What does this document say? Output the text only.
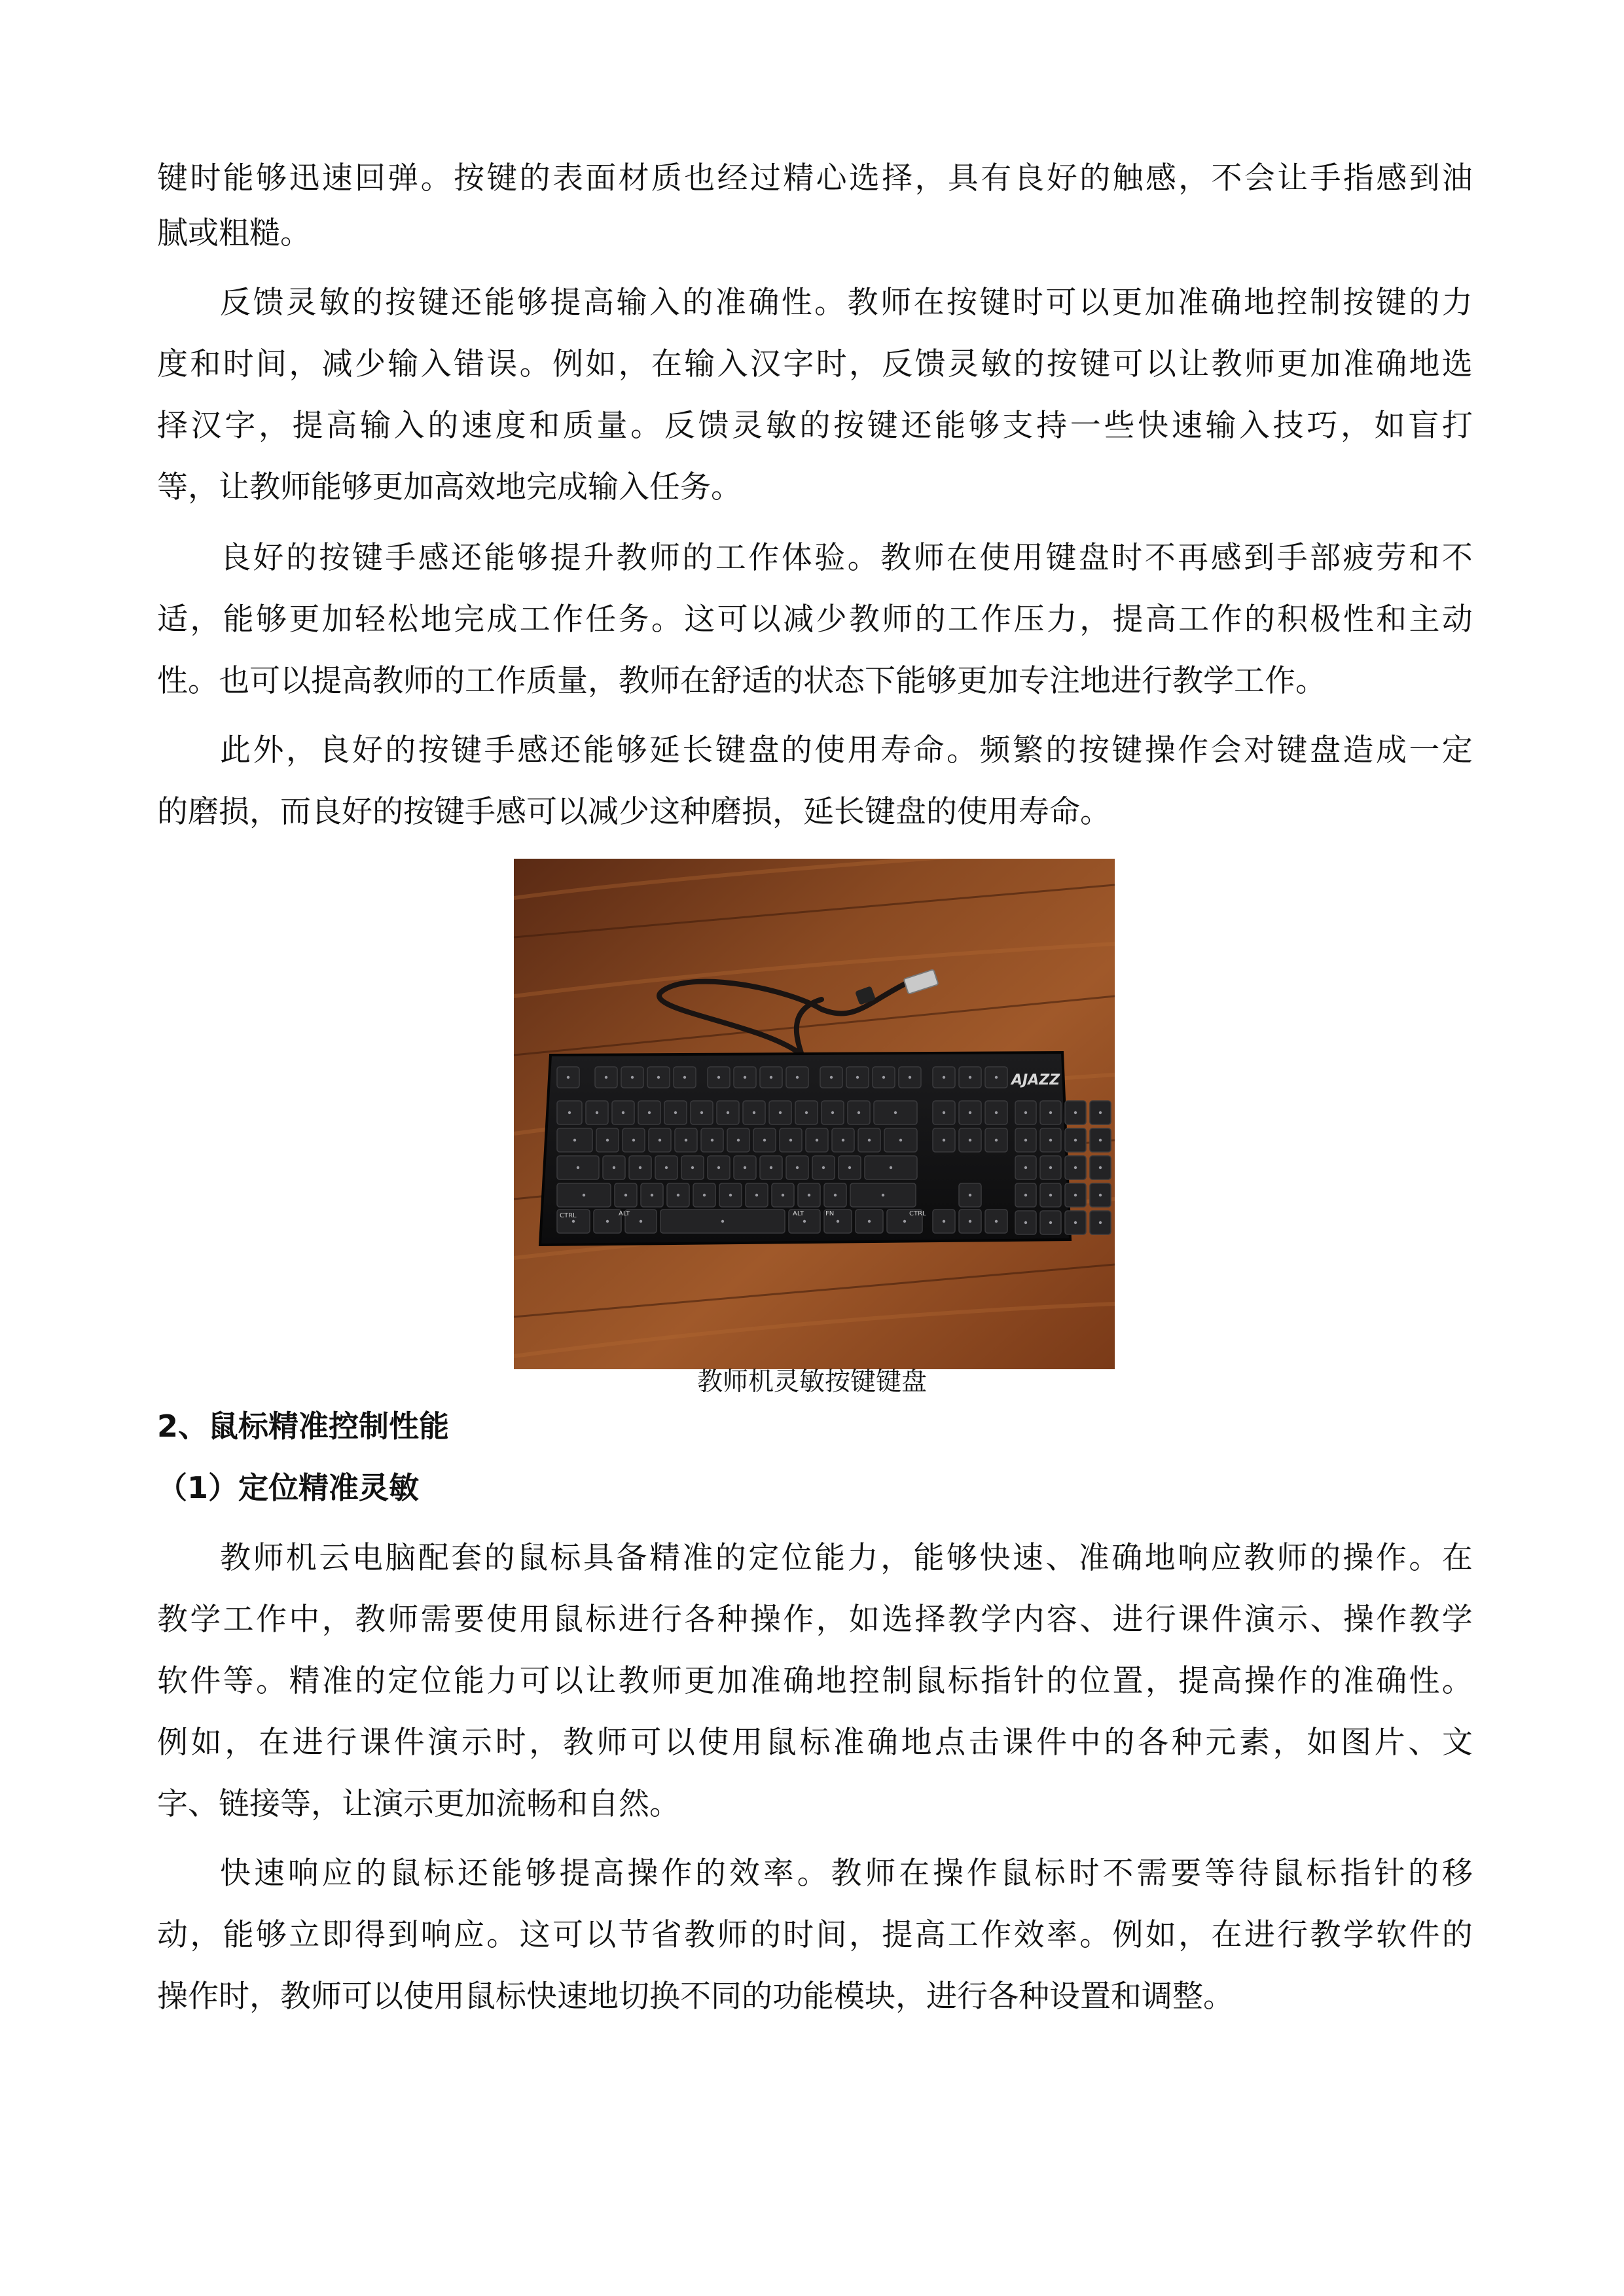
键 时 能 够 迅 速 回 弹 。 按 键 的 表 面 材 质 也 经 过 精 心 选 择 ， 具 有 良 好 的 触 感 ， 不 会 让 手 指 感 到 油
腻或粗糙。
反 馈 灵 敏 的 按 键 还 能 够 提 高 输 入 的 准 确 性 。 教 师 在 按 键 时 可 以 更 加 准 确 地 控 制 按 键 的 力
度 和 时 间 ， 减 少 输 入 错 误 。 例 如 ， 在 输 入 汉 字 时 ， 反 馈 灵 敏 的 按 键 可 以 让 教 师 更 加 准 确 地 选
择 汉 字 ， 提 高 输 入 的 速 度 和 质 量 。 反 馈 灵 敏 的 按 键 还 能 够 支 持 一 些 快 速 输 入 技 巧 ， 如 盲 打
等，让教师能够更加高效地完成输入任务。
良 好 的 按 键 手 感 还 能 够 提 升 教 师 的 工 作 体 验 。 教 师 在 使 用 键 盘 时 不 再 感 到 手 部 疲 劳 和 不
适 ， 能 够 更 加 轻 松 地 完 成 工 作 任 务 。 这 可 以 减 少 教 师 的 工 作 压 力 ， 提 高 工 作 的 积 极 性 和 主 动
性。也可以提高教师的工作质量，教师在舒适的状态下能够更加专注地进行教学工作。
此 外 ， 良 好 的 按 键 手 感 还 能 够 延 长 键 盘 的 使 用 寿 命 。 频 繁 的 按 键 操 作 会 对 键 盘 造 成 一 定
的磨损，而良好的按键手感可以减少这种磨损，延长键盘的使用寿命。
AJAZZ
CTRL	ALT	ALT	FN	CTRL
教师机灵敏按键键盘
2、鼠标精准控制性能
（1）定位精准灵敏
教 师 机 云 电 脑 配 套 的 鼠 标 具 备 精 准 的 定 位 能 力 ， 能 够 快 速 、 准 确 地 响 应 教 师 的 操 作 。 在
教 学 工 作 中 ， 教 师 需 要 使 用 鼠 标 进 行 各 种 操 作 ， 如 选 择 教 学 内 容 、 进 行 课 件 演 示 、 操 作 教 学
软 件 等 。 精 准 的 定 位 能 力 可 以 让 教 师 更 加 准 确 地 控 制 鼠 标 指 针 的 位 置 ， 提 高 操 作 的 准 确 性 。
例 如 ， 在 进 行 课 件 演 示 时 ， 教 师 可 以 使 用 鼠 标 准 确 地 点 击 课 件 中 的 各 种 元 素 ， 如 图 片 、 文
字、链接等，让演示更加流畅和自然。
快 速 响 应 的 鼠 标 还 能 够 提 高 操 作 的 效 率 。 教 师 在 操 作 鼠 标 时 不 需 要 等 待 鼠 标 指 针 的 移
动 ， 能 够 立 即 得 到 响 应 。 这 可 以 节 省 教 师 的 时 间 ， 提 高 工 作 效 率 。 例 如 ， 在 进 行 教 学 软 件 的
操作时，教师可以使用鼠标快速地切换不同的功能模块，进行各种设置和调整。
